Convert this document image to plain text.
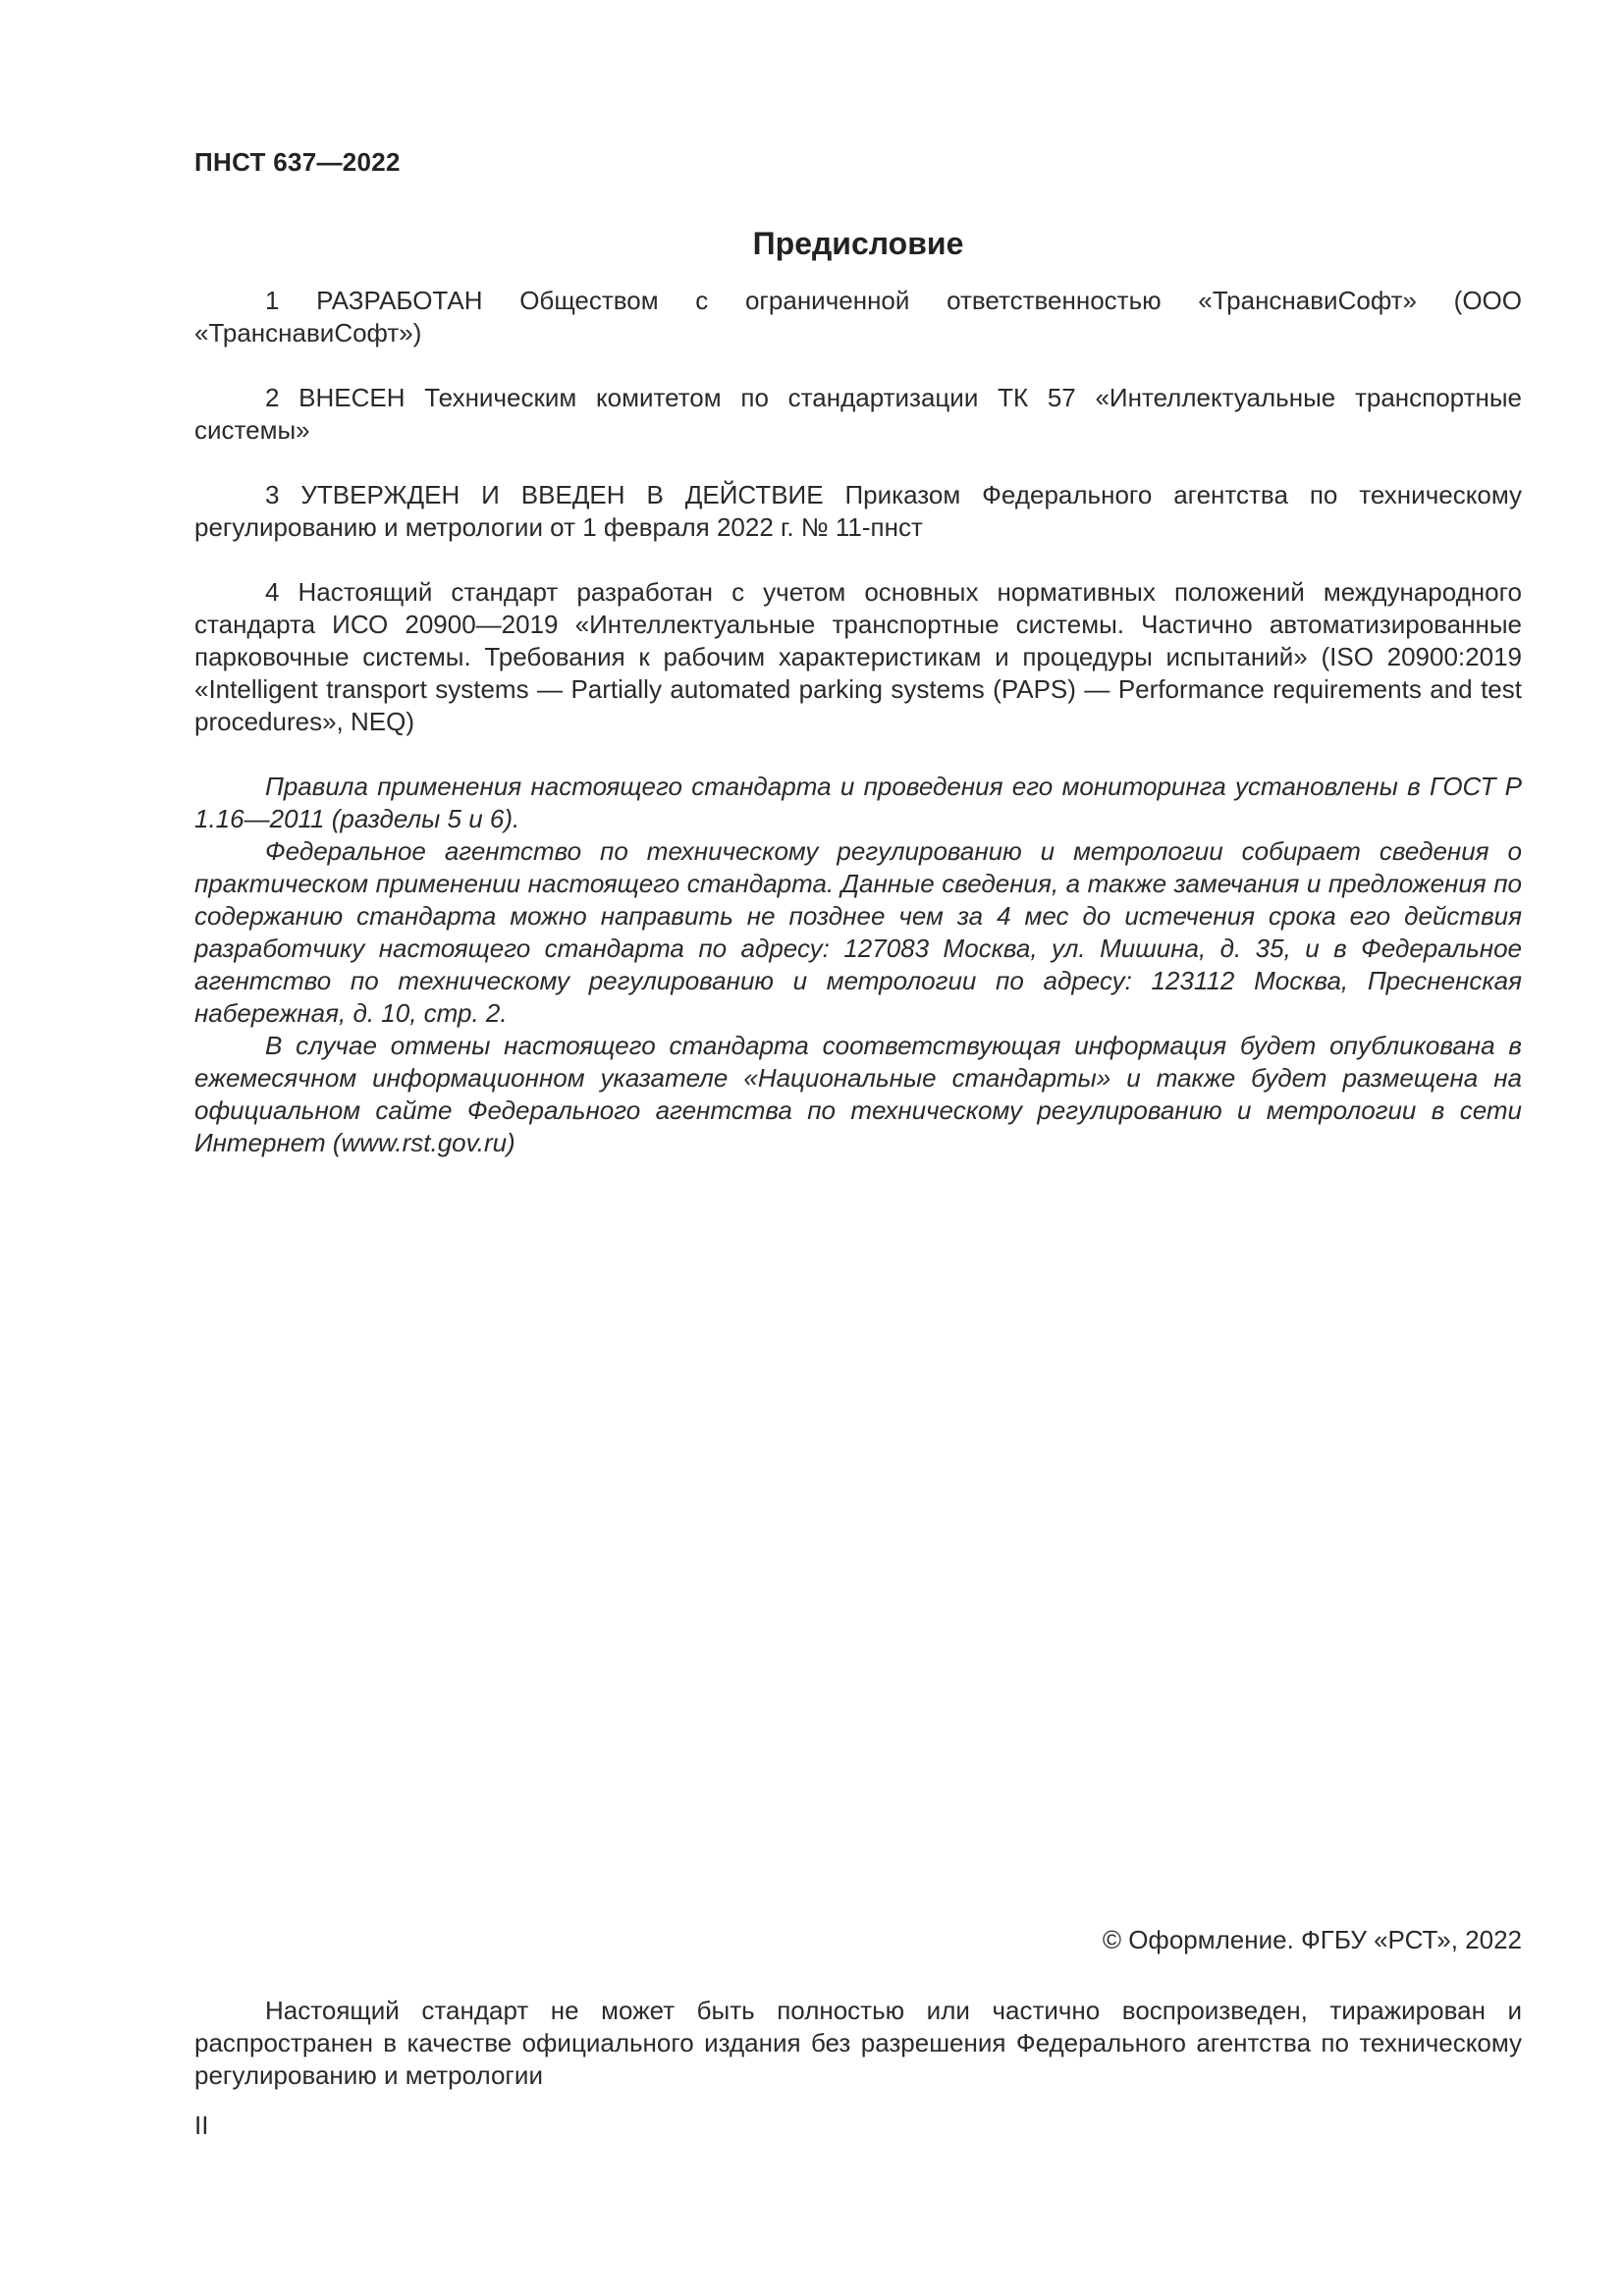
ПНСТ 637—2022
Предисловие

1 РАЗРАБОТАН Обществом с ограниченной ответственностью «ТранснавиСофт» (ООО «ТранснавиСофт»)

2 ВНЕСЕН Техническим комитетом по стандартизации ТК 57 «Интеллектуальные транспортные системы»

3 УТВЕРЖДЕН И ВВЕДЕН В ДЕЙСТВИЕ Приказом Федерального агентства по техническому регулированию и метрологии от 1 февраля 2022 г. № 11-пнст

4 Настоящий стандарт разработан с учетом основных нормативных положений международного стандарта ИСО 20900—2019 «Интеллектуальные транспортные системы. Частично автоматизированные парковочные системы. Требования к рабочим характеристикам и процедуры испытаний» (ISO 20900:2019 «Intelligent transport systems — Partially automated parking systems (PAPS) — Performance requirements and test procedures», NEQ)

Правила применения настоящего стандарта и проведения его мониторинга установлены в ГОСТ Р 1.16—2011 (разделы 5 и 6).

Федеральное агентство по техническому регулированию и метрологии собирает сведения о практическом применении настоящего стандарта. Данные сведения, а также замечания и предложения по содержанию стандарта можно направить не позднее чем за 4 мес до истечения срока его действия разработчику настоящего стандарта по адресу: 127083 Москва, ул. Мишина, д. 35, и в Федеральное агентство по техническому регулированию и метрологии по адресу: 123112 Москва, Пресненская набережная, д. 10, стр. 2.

В случае отмены настоящего стандарта соответствующая информация будет опубликована в ежемесячном информационном указателе «Национальные стандарты» и также будет размещена на официальном сайте Федерального агентства по техническому регулированию и метрологии в сети Интернет (www.rst.gov.ru)

© Оформление. ФГБУ «РСТ», 2022

Настоящий стандарт не может быть полностью или частично воспроизведен, тиражирован и распространен в качестве официального издания без разрешения Федерального агентства по техническому регулированию и метрологии

II
